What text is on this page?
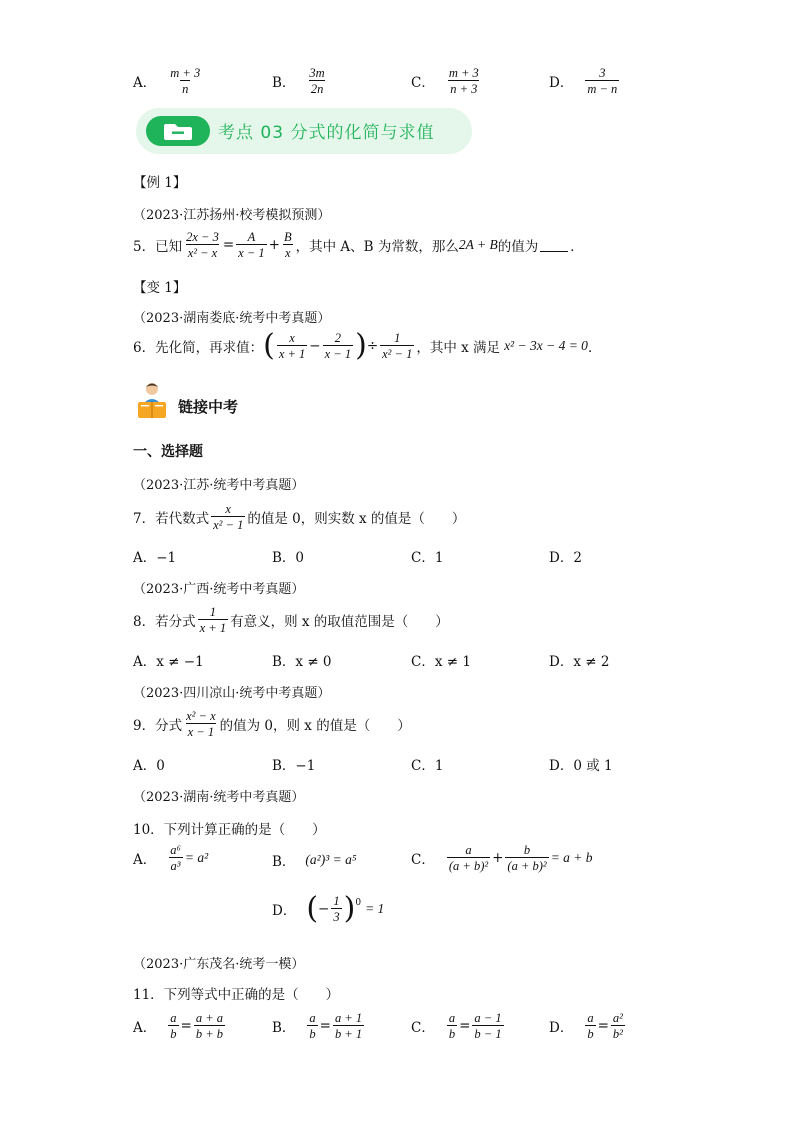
A． $\frac{m + 3}{n}$	B． $\frac{3m}{2n}$	C． $\frac{m + 3}{n + 3}$	D． $\frac{3}{m - n}$
考点 03 分式的化简与求值
【例 1】
（2023·江苏扬州·校考模拟预测）
5．已知 $\frac{2x - 3}{\text{x² − x}} = \frac{A}{x - 1} + \frac{B}{x}$ ，其中 A、B 为常数，那么 2A + B 的值为 ．
【变 1】
（2023·湖南娄底·统考中考真题）
6．先化简，再求值： ( $\frac{x}{x + 1} - \frac{2}{x - 1}$ ) ÷ $\frac{1}{\text{x² − 1}}$ ，其中 x 满足 x² − 3x − 4 = 0 ．
链接中考
一、选择题
（2023·江苏·统考中考真题）
7．若代数式 $\frac{x}{\text{x² − 1}}$ 的值是 0，则实数 x 的值是（　　）
A．−1	B．0	C．1	D．2
（2023·广西·统考中考真题）
8．若分式 $\frac{1}{x + 1}$ 有意义，则 x 的取值范围是（　　）
A．x ≠ −1	B．x ≠ 0	C．x ≠ 1	D．x ≠ 2
（2023·四川凉山·统考中考真题）
9．分式 $\frac{\text{x² − x}}{x - 1}$ 的值为 0，则 x 的值是（　　）
A．0	B．−1	C．1	D．0 或 1
（2023·湖南·统考中考真题）
10．下列计算正确的是（　　）
A． $\frac{\text{a⁶}}{\text{a³}} = a^2$	B． (a²)³ = a⁵	C． $\frac{a}{\text{(a + b)²}} + \frac{b}{\text{(a + b)²}} = a + b$
D． ( − $\frac{1}{3} )^0 = 1$
（2023·广东茂名·统考一模）
11．下列等式中正确的是（　　）
A． $\frac{a}{b} = \frac{a + a}{b + b}$	B． $\frac{a}{b} = \frac{a + 1}{b + 1}$	C． $\frac{a}{b} = \frac{a - 1}{b - 1}$	D． $\frac{a}{b} = \frac{\text{a²}}{\text{b²}}$
